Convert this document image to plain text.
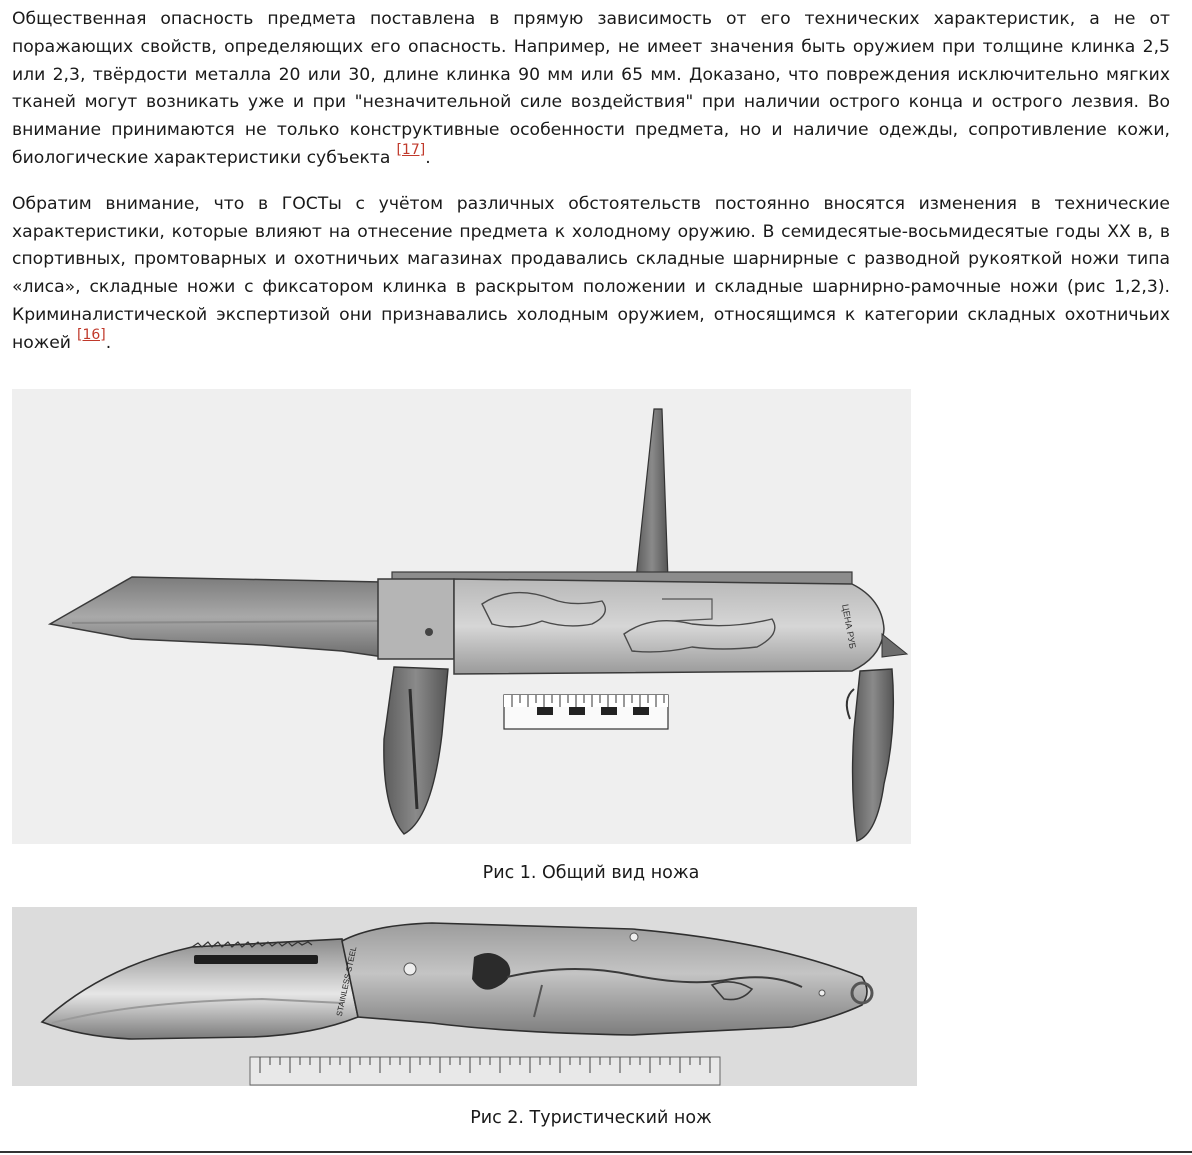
Общественная опасность предмета поставлена в прямую зависимость от его технических характеристик, а не от поражающих свойств, определяющих его опасность. Например, не имеет значения быть оружием при толщине клинка 2,5 или 2,3, твёрдости металла 20 или 30, длине клинка 90 мм или 65 мм. Доказано, что повреждения исключительно мягких тканей могут возникать уже и при "незначительной силе воздействия" при наличии острого конца и острого лезвия. Во внимание принимаются не только конструктивные особенности предмета, но и наличие одежды, сопротивление кожи, биологические характеристики субъекта [17].

Обратим внимание, что в ГОСТы с учётом различных обстоятельств постоянно вносятся изменения в технические характеристики, которые влияют на отнесение предмета к холодному оружию. В семидесятые-восьмидесятые годы XX в, в спортивных, промтоварных и охотничьих магазинах продавались складные шарнирные с разводной рукояткой ножи типа «лиса», складные ножи с фиксатором клинка в раскрытом положении и складные шарнирно-рамочные ножи (рис 1,2,3). Криминалистической экспертизой они признавались холодным оружием, относящимся к категории складных охотничьих ножей [16].

ЦЕНА РУБ
Рис 1. Общий вид ножа
STAINLESS STEEL
Рис 2. Туристический нож
